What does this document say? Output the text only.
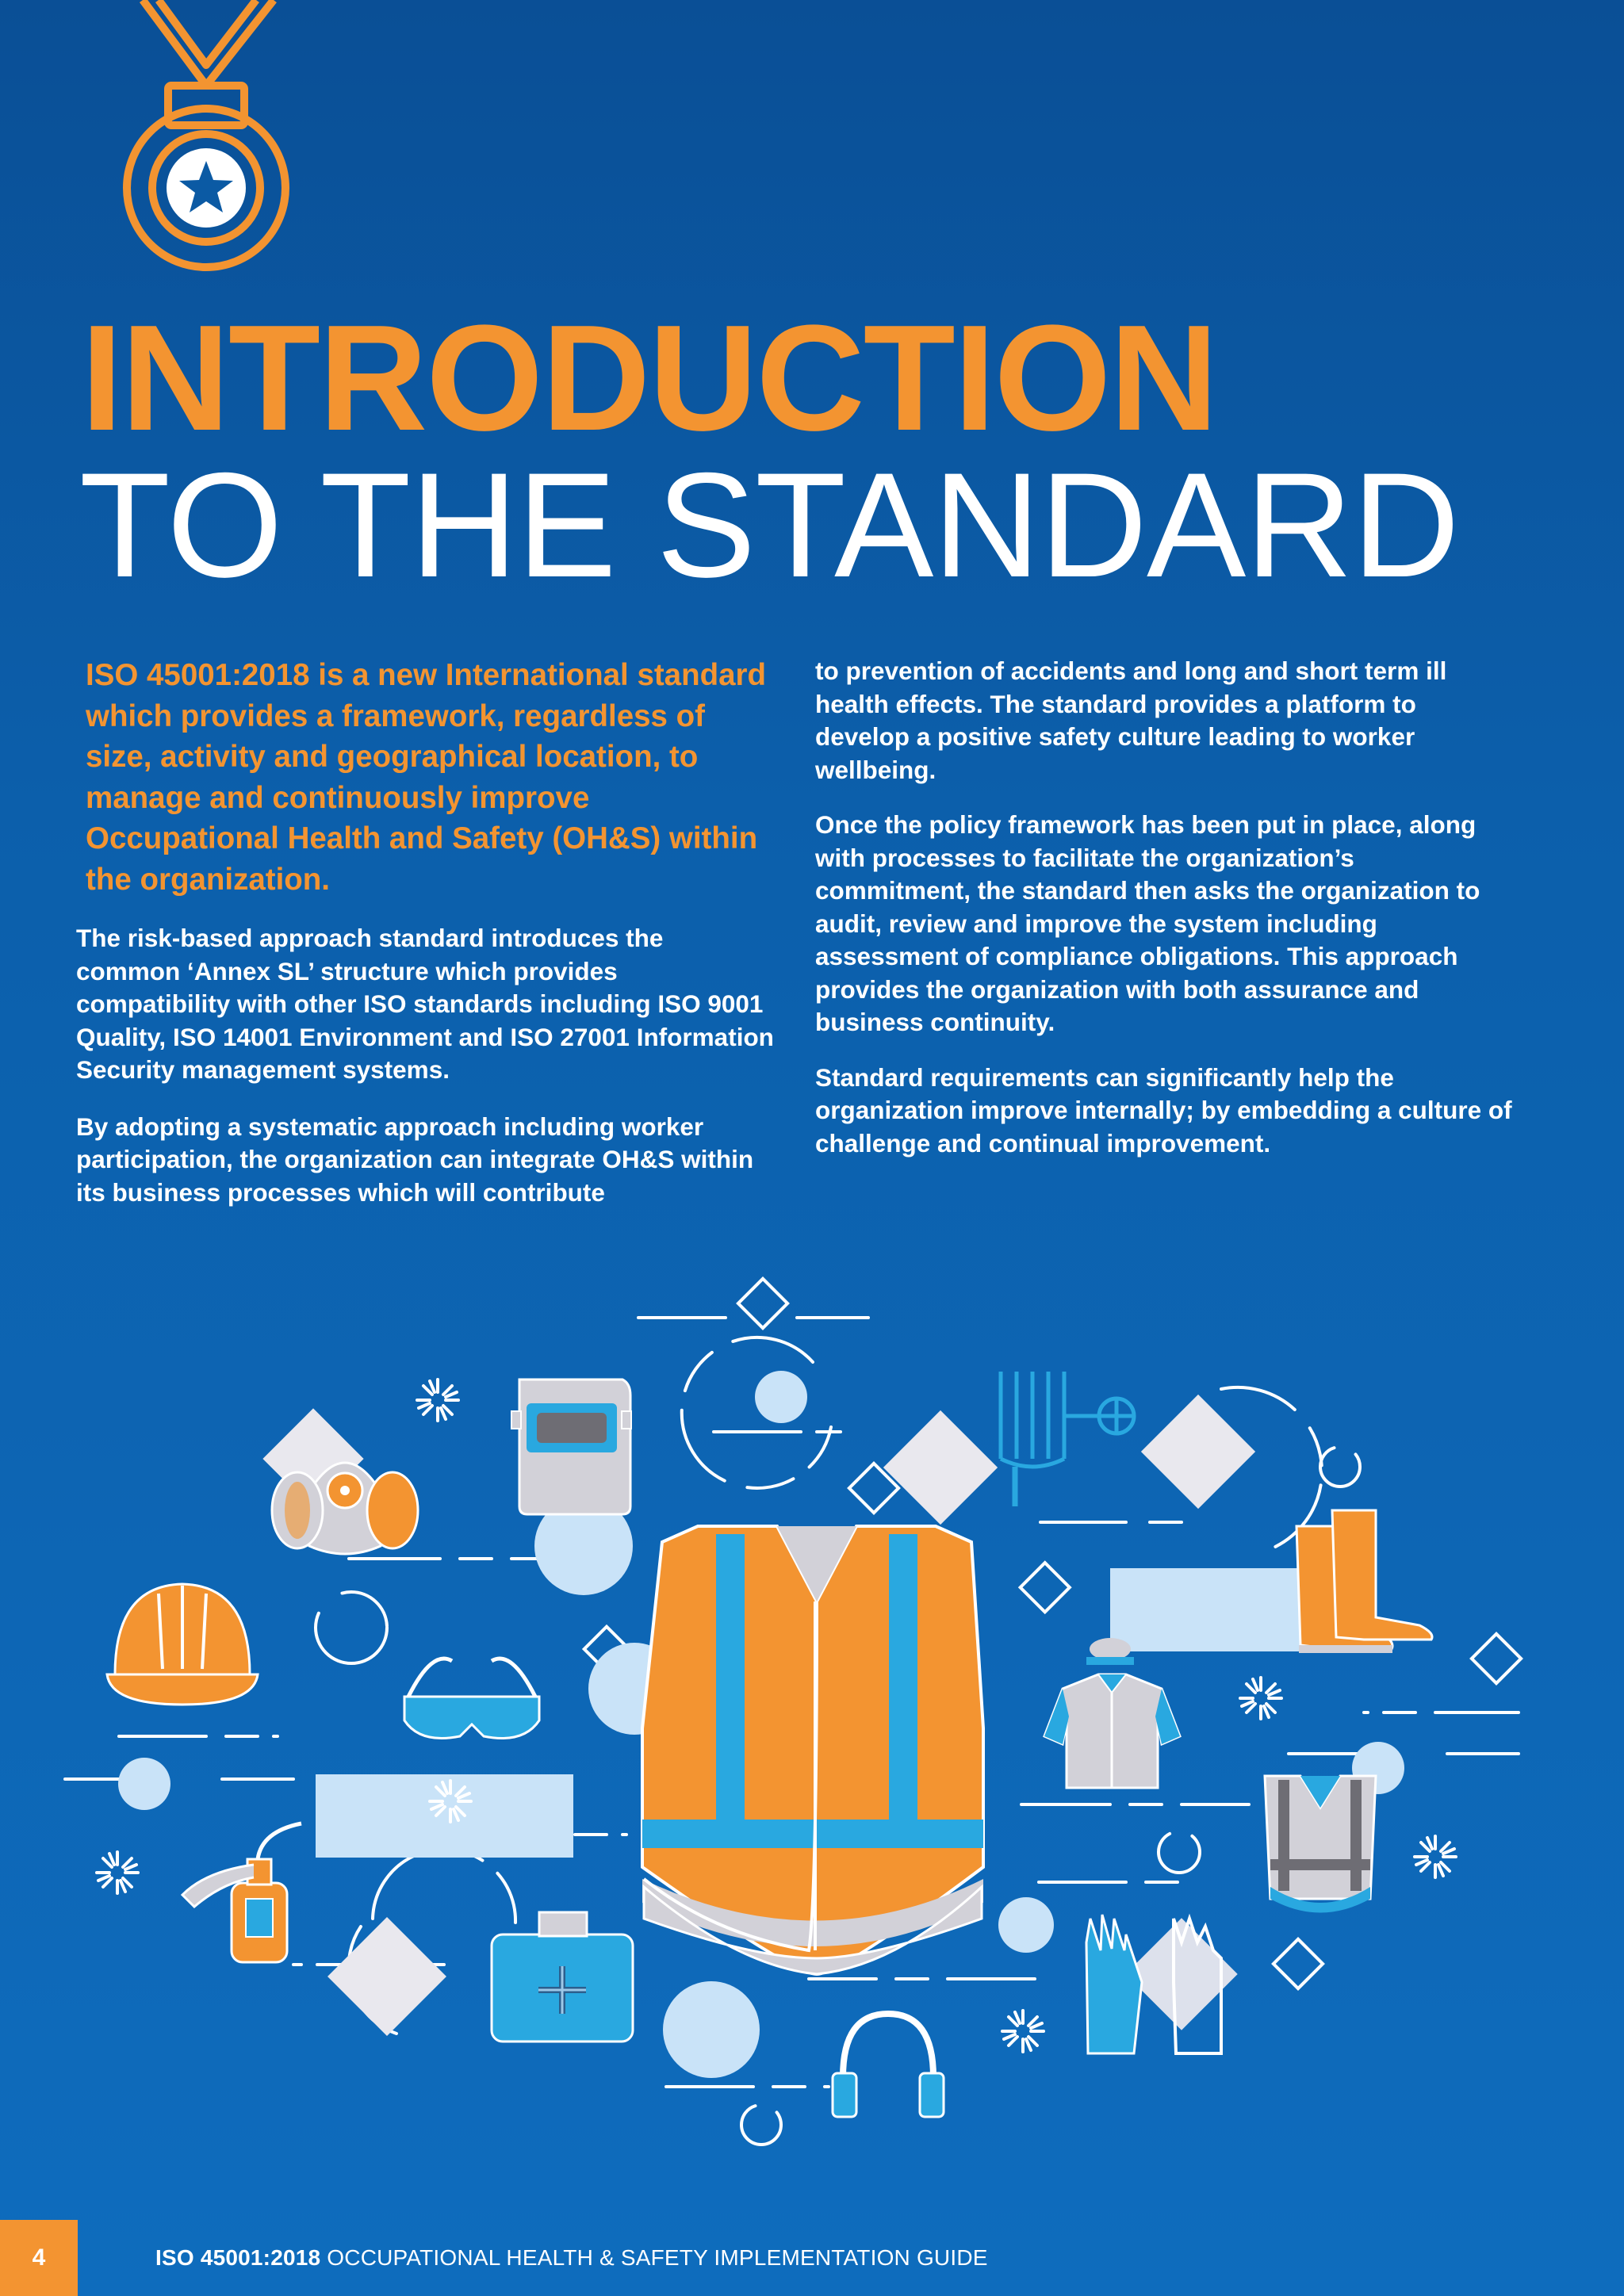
INTRODUCTION
TO THE STANDARD

ISO 45001:2018 is a new International standard which provides a framework, regardless of size, activity and geographical location, to manage and continuously improve Occupational Health and Safety (OH&S) within the organization.

The risk-based approach standard introduces the common ‘Annex SL’ structure which provides compatibility with other ISO standards including ISO 9001 Quality, ISO 14001 Environment and ISO 27001 Information Security management systems.

By adopting a systematic approach including worker participation, the organization can integrate OH&S within its business processes which will contribute

to prevention of accidents and long and short term ill health effects. The standard provides a platform to develop a positive safety culture leading to worker wellbeing.

Once the policy framework has been put in place, along with processes to facilitate the organization’s commitment, the standard then asks the organization to audit, review and improve the system including assessment of compliance obligations. This approach provides the organization with both assurance and business continuity.

Standard requirements can significantly help the organization improve internally; by embedding a culture of challenge and continual improvement.

4	ISO 45001:2018 OCCUPATIONAL HEALTH & SAFETY IMPLEMENTATION GUIDE
